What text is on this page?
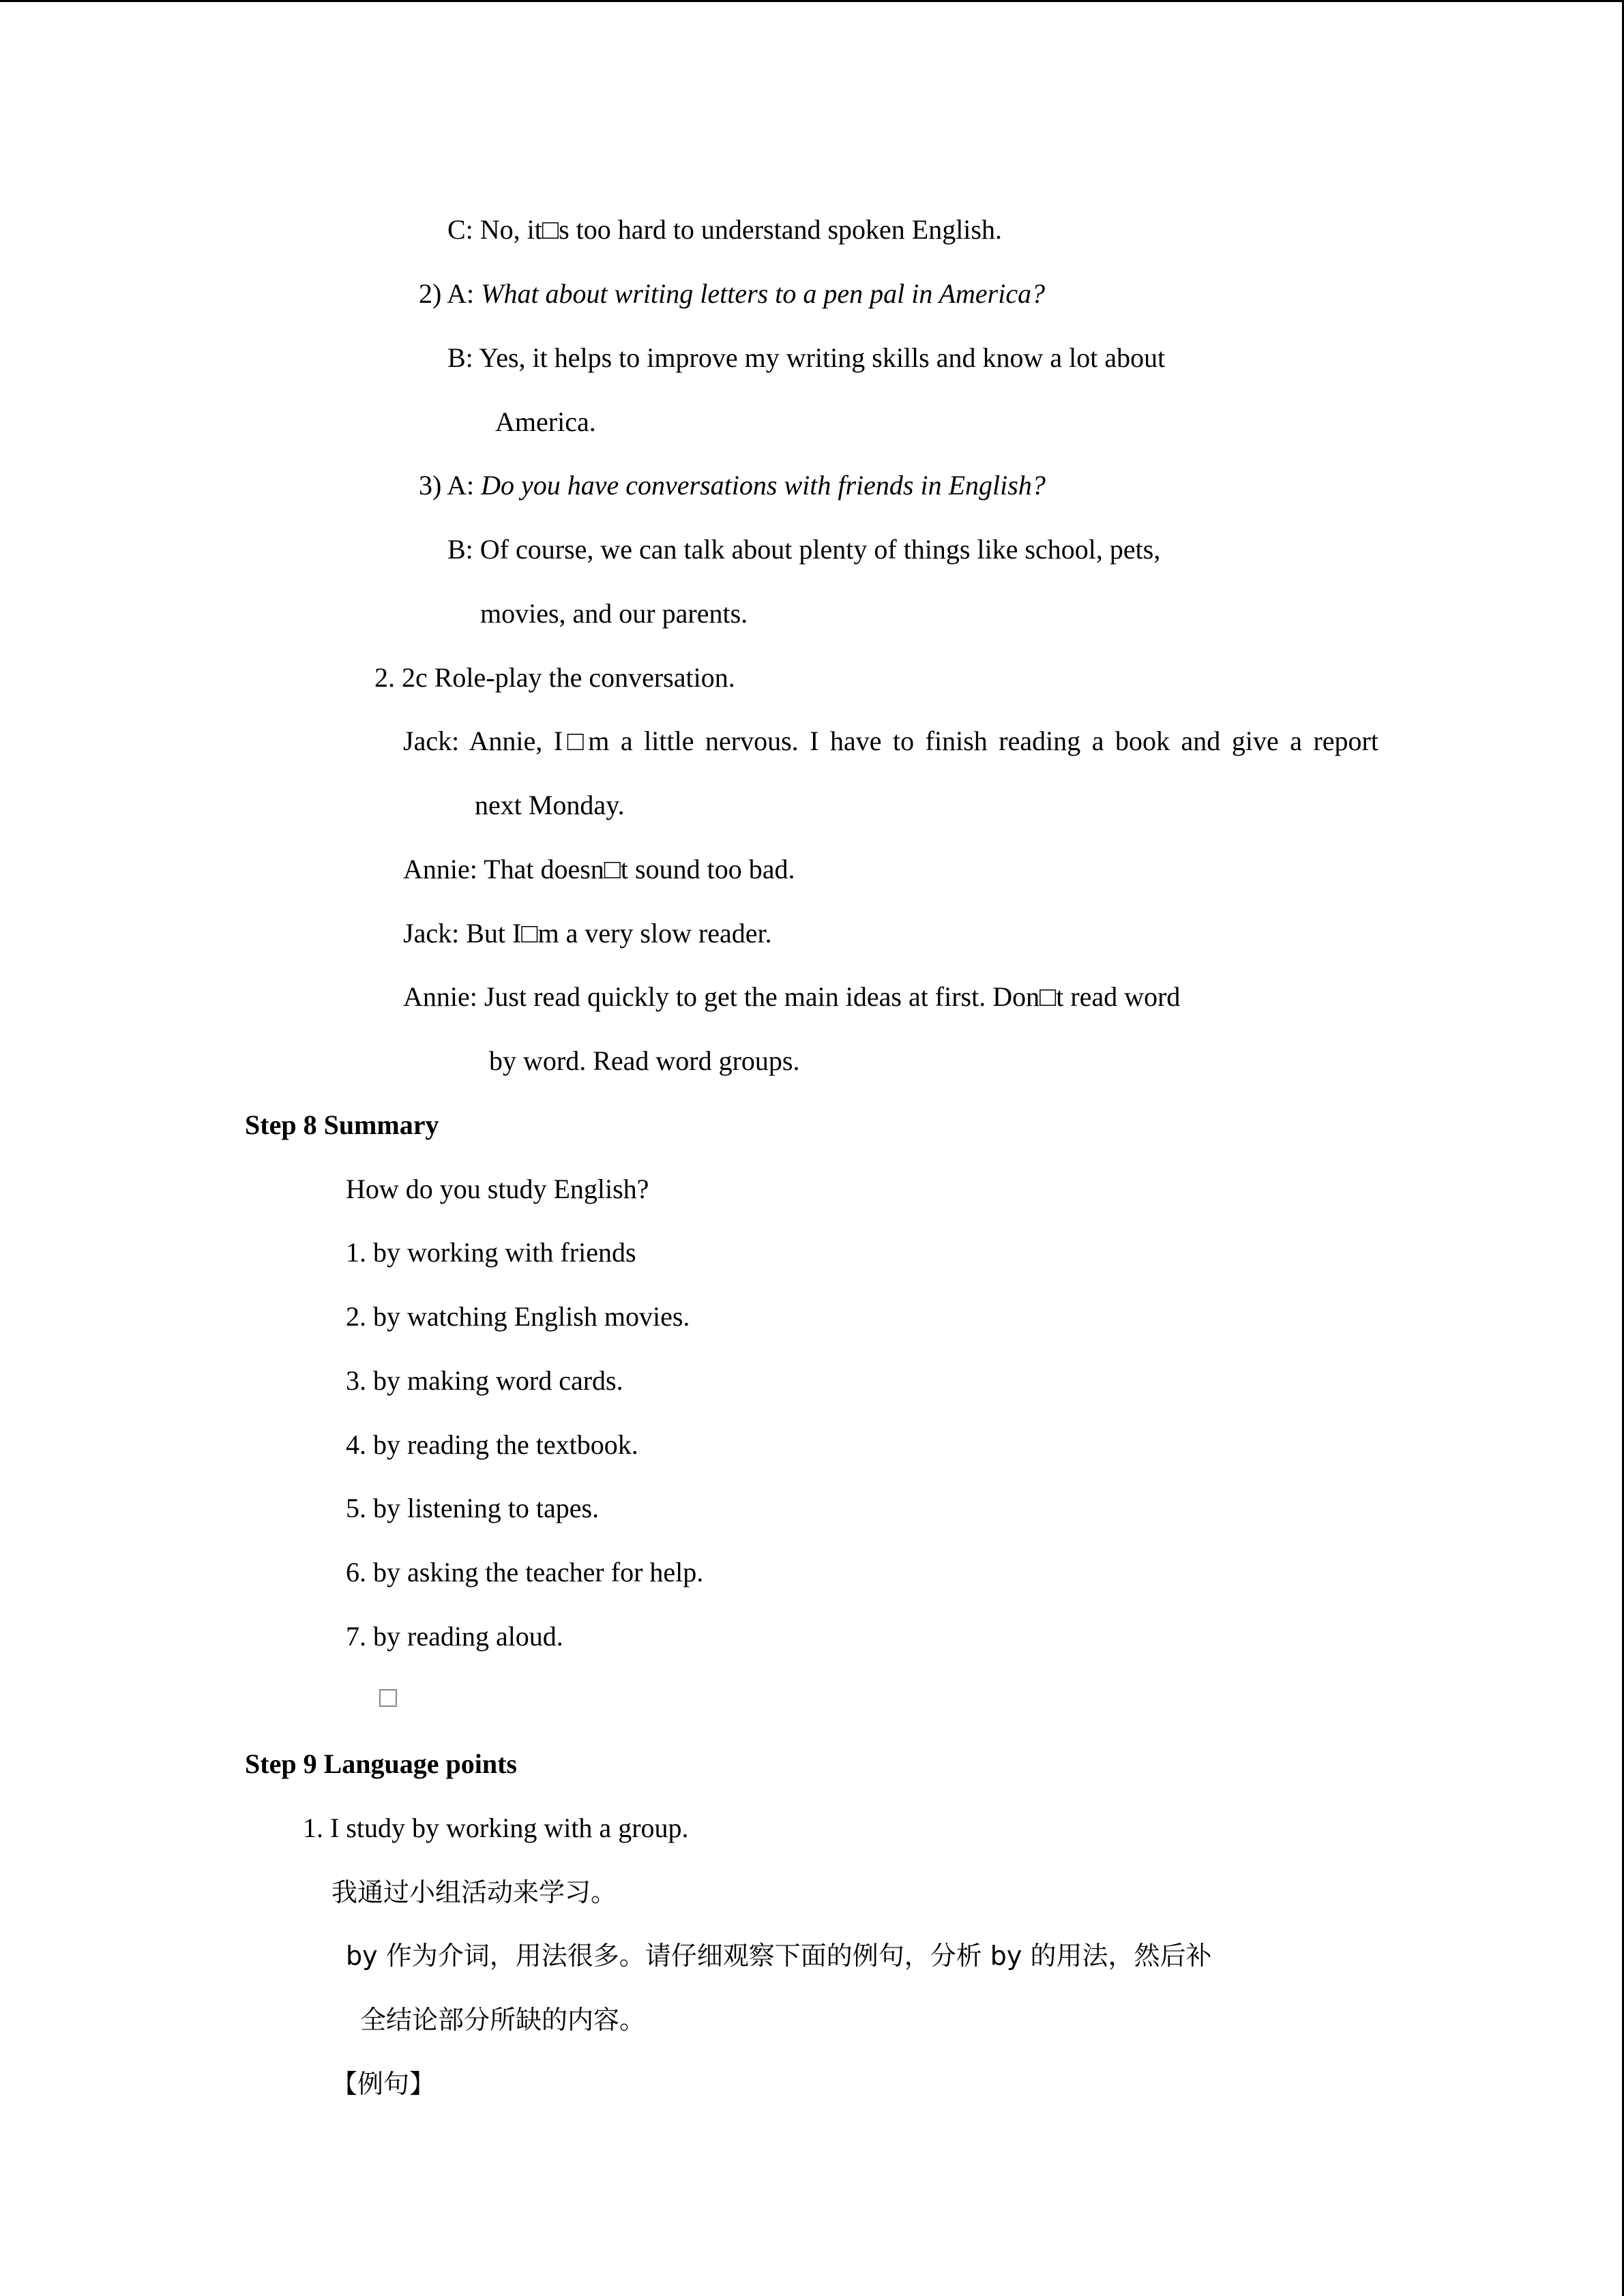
C: No, it□s too hard to understand spoken English.
2) A: What about writing letters to a pen pal in America?
B: Yes, it helps to improve my writing skills and know a lot about
America.
3) A: Do you have conversations with friends in English?
B: Of course, we can talk about plenty of things like school, pets,
movies, and our parents.
2. 2c Role-play the conversation.
Jack: Annie, I□m a little nervous. I have to finish reading a book and give a report
next Monday.
Annie: That doesn□t sound too bad.
Jack: But I□m a very slow reader.
Annie: Just read quickly to get the main ideas at first. Don□t read word
by word. Read word groups.
Step 8 Summary
How do you study English?
1. by working with friends
2. by watching English movies.
3. by making word cards.
4. by reading the textbook.
5. by listening to tapes.
6. by asking the teacher for help.
7. by reading aloud.
Step 9 Language points
1. I study by working with a group.
我通过小组活动来学习。
by 作为介词，用法很多。请仔细观察下面的例句，分析 by 的用法，然后补
全结论部分所缺的内容。
【例句】
